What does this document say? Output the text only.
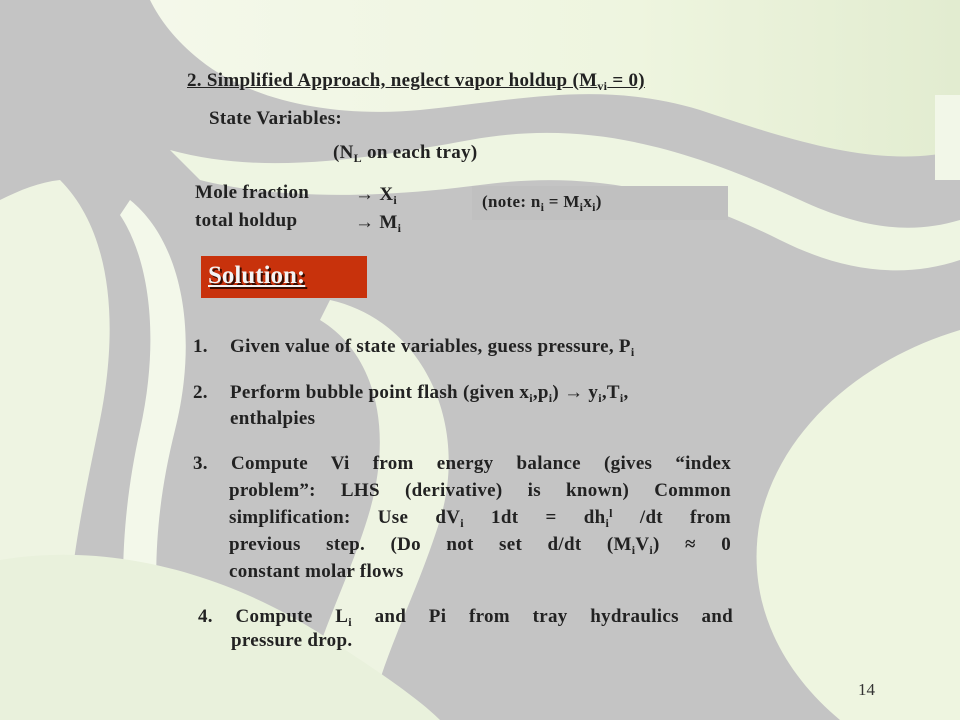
2. Simplified Approach, neglect vapor holdup $(M_{vi} = 0)$
State Variables:
($N_L$ on each tray)
Mole fraction → $X_i$
total holdup	→ $M_i$
(note: $n_i = M_ix_i$)
Solution:
1. Given value of state variables, guess pressure, $P_i$
2. Perform bubble point flash (given $x_i,p_i) \to y_i,T_i$,
enthalpies
3. Compute Vi from energy balance (gives “index
problem”: LHS (derivative) is known) Common
simplification: Use $dV_i$ $1dt = dh_i^l$ /dt from
previous step. (Do not set d/dt $(M_iV_i) \approx 0$
constant molar flows
4. Compute $L_i$ and Pi from tray hydraulics and
pressure drop.
14
